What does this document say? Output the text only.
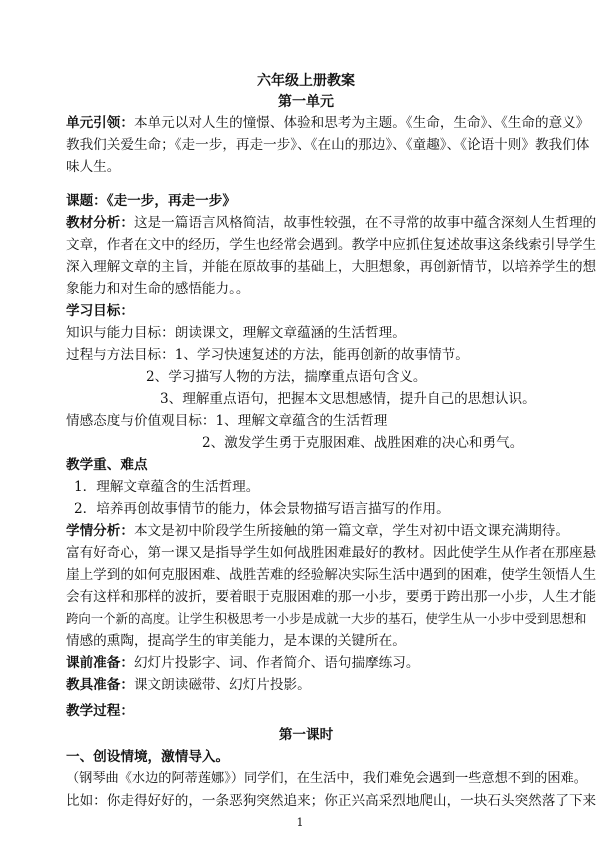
六年级上册教案
第一单元
单元引领：本单元以对人生的憧憬、体验和思考为主题。《生命，生命》、《生命的意义》
教我们关爱生命；《走一步，再走一步》、《在山的那边》、《童趣》、《论语十则》教我们体
味人生。
课题：《走一步，再走一步》
教材分析：这是一篇语言风格简洁，故事性较强，在不寻常的故事中蕴含深刻人生哲理的
文章，作者在文中的经历，学生也经常会遇到。教学中应抓住复述故事这条线索引导学生
深入理解文章的主旨，并能在原故事的基础上，大胆想象，再创新情节，以培养学生的想
象能力和对生命的感悟能力。。
学习目标：
知识与能力目标：朗读课文，理解文章蕴涵的生活哲理。
过程与方法目标：1、学习快速复述的方法，能再创新的故事情节。
2、学习描写人物的方法，揣摩重点语句含义。
3、理解重点语句，把握本文思想感情，提升自己的思想认识。
情感态度与价值观目标：1、理解文章蕴含的生活哲理
2、激发学生勇于克服困难、战胜困难的决心和勇气。
教学重、难点
1．理解文章蕴含的生活哲理。
2．培养再创故事情节的能力，体会景物描写语言描写的作用。
学情分析：本文是初中阶段学生所接触的第一篇文章，学生对初中语文课充满期待。
富有好奇心，第一课又是指导学生如何战胜困难最好的教材。因此使学生从作者在那座悬
崖上学到的如何克服困难、战胜苦难的经验解决实际生活中遇到的困难，使学生领悟人生
会有这样和那样的波折，要着眼于克服困难的那一小步，要勇于跨出那一小步，人生才能
跨向一个新的高度。让学生积极思考一小步是成就一大步的基石，使学生从一小步中受到思想和
情感的熏陶，提高学生的审美能力，是本课的关键所在。
课前准备：幻灯片投影字、词、作者简介、语句揣摩练习。
教具准备：课文朗读磁带、幻灯片投影。
教学过程：
第一课时
一、创设情境，激情导入。
（钢琴曲《水边的阿蒂莲娜》）同学们，在生活中，我们难免会遇到一些意想不到的困难。
比如：你走得好好的，一条恶狗突然追来；你正兴高采烈地爬山，一块石头突然落了下来
1
